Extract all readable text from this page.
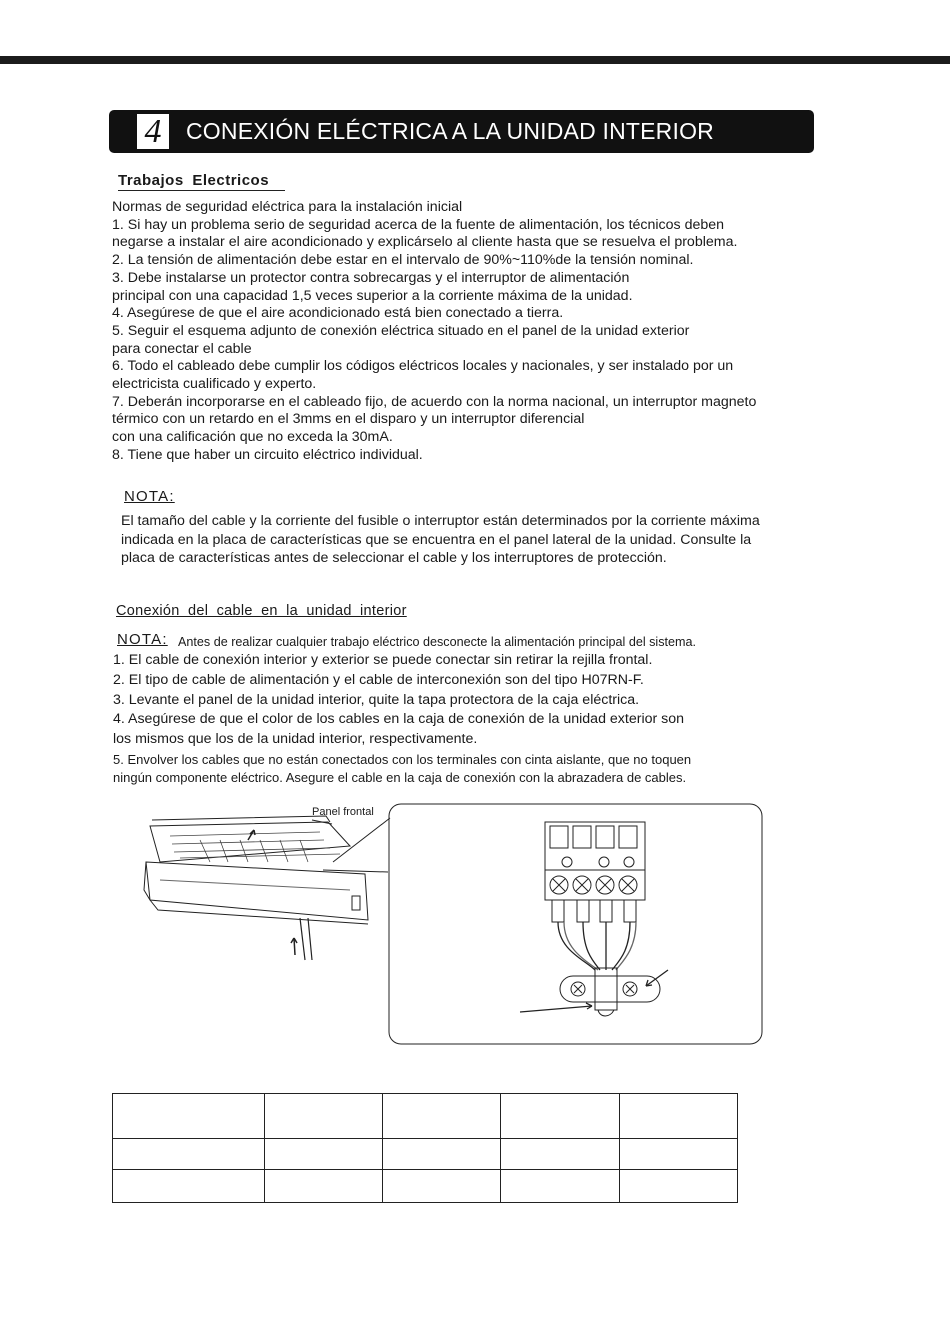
4	CONEXIÓN ELÉCTRICA A LA UNIDAD INTERIOR
Trabajos Electricos
Normas de seguridad eléctrica para la instalación inicial
1. Si hay un problema serio de seguridad acerca de la fuente de alimentación, los técnicos deben
negarse a instalar el aire acondicionado y explicárselo al cliente hasta que se resuelva el problema.
2. La tensión de alimentación debe estar en el intervalo de 90%~110%de la tensión nominal.
3. Debe instalarse un protector contra sobrecargas y el interruptor de alimentación
principal con una capacidad 1,5 veces superior a la corriente máxima de la unidad.
4. Asegúrese de que el aire acondicionado está bien conectado a tierra.
5. Seguir el esquema adjunto de conexión eléctrica situado en el panel de la unidad exterior
para conectar el cable
6. Todo el cableado debe cumplir los códigos eléctricos locales y nacionales, y ser instalado por un
electricista cualificado y experto.
7. Deberán incorporarse en el cableado fijo, de acuerdo con la norma nacional, un interruptor magneto
térmico con un retardo en el 3mms en el disparo y un interruptor diferencial
con una calificación que no exceda la 30mA.
8. Tiene que haber un circuito eléctrico individual.
NOTA:
El tamaño del cable y la corriente del fusible o interruptor están determinados por la corriente máxima
indicada en la placa de características que se encuentra en el panel lateral de la unidad. Consulte la
placa de características antes de seleccionar el cable y los interruptores de protección.
Conexión del cable en la unidad interior
NOTA: Antes de realizar cualquier trabajo eléctrico desconecte la alimentación principal del sistema.
1. El cable de conexión interior y exterior se puede conectar sin retirar la rejilla frontal.
2. El tipo de cable de alimentación y el cable de interconexión son del tipo H07RN-F.
3. Levante el panel de la unidad interior, quite la tapa protectora de la caja eléctrica.
4. Asegúrese de que el color de los cables en la caja de conexión de la unidad exterior son
los mismos que los de la unidad interior, respectivamente.
5. Envolver los cables que no están conectados con los terminales con cinta aislante, que no toquen
ningún componente eléctrico. Asegure el cable en la caja de conexión con la abrazadera de cables.
Panel frontal
